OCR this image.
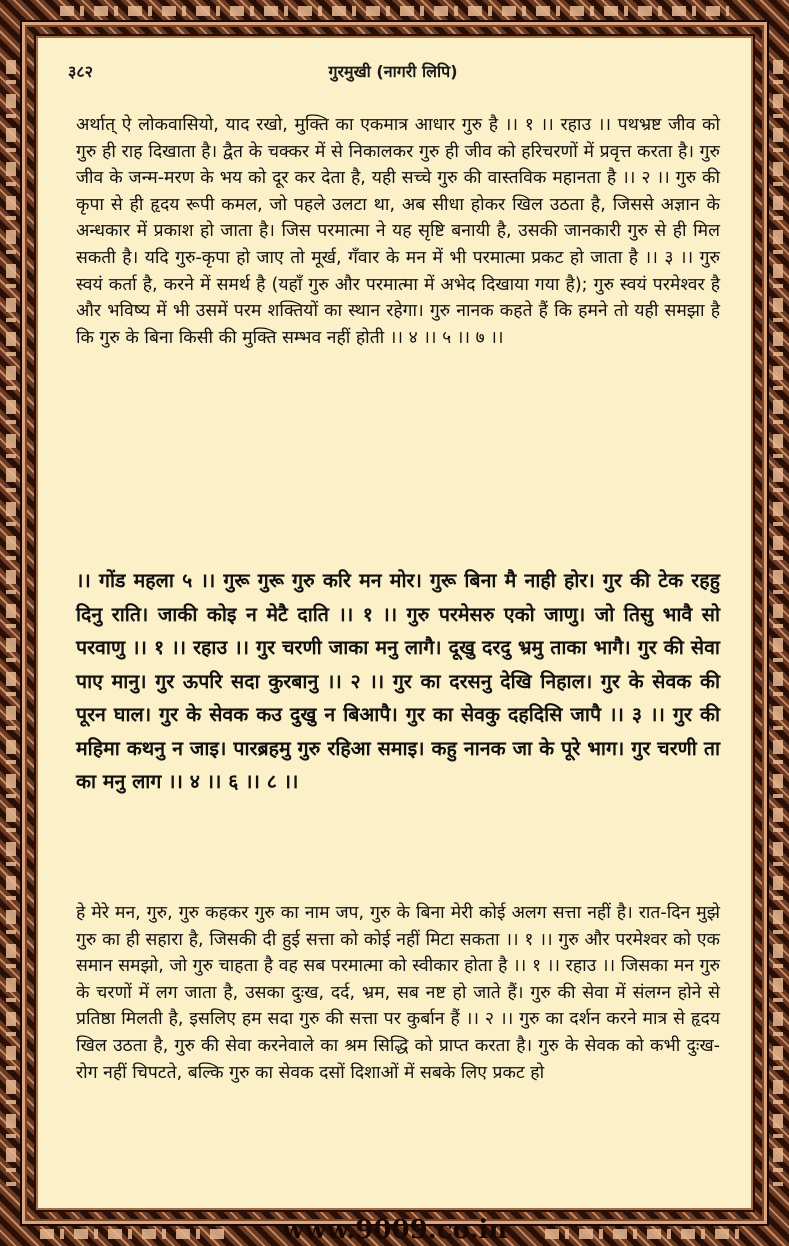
३८२	गुरमुखी (नागरी लिपि)

अर्थात् ऐ लोकवासियो, याद रखो, मुक्ति का एकमात्र आधार गुरु है ।। १ ।। रहाउ ।। पथभ्रष्ट जीव को गुरु ही राह दिखाता है। द्वैत के चक्कर में से निकालकर गुरु ही जीव को हरिचरणों में प्रवृत्त करता है। गुरु जीव के जन्म-मरण के भय को दूर कर देता है, यही सच्चे गुरु की वास्तविक महानता है ।। २ ।। गुरु की कृपा से ही हृदय रूपी कमल, जो पहले उलटा था, अब सीधा होकर खिल उठता है, जिससे अज्ञान के अन्धकार में प्रकाश हो जाता है। जिस परमात्मा ने यह सृष्टि बनायी है, उसकी जानकारी गुरु से ही मिल सकती है। यदि गुरु-कृपा हो जाए तो मूर्ख, गँवार के मन में भी परमात्मा प्रकट हो जाता है ।। ३ ।। गुरु स्वयं कर्ता है, करने में समर्थ है (यहाँ गुरु और परमात्मा में अभेद दिखाया गया है); गुरु स्वयं परमेश्वर है और भविष्य में भी उसमें परम शक्तियों का स्थान रहेगा। गुरु नानक कहते हैं कि हमने तो यही समझा है कि गुरु के बिना किसी की मुक्ति सम्भव नहीं होती ।। ४ ।। ५ ।। ७ ।।

।। गोंड महला ५ ।। गुरू गुरू गुरु करि मन मोर। गुरू बिना मै नाही होर। गुर की टेक रहहु दिनु राति। जाकी कोइ न मेटै दाति ।। १ ।। गुरु परमेसरु एको जाणु। जो तिसु भावै सो परवाणु ।। १ ।। रहाउ ।। गुर चरणी जाका मनु लागै। दूखु दरदु भ्रमु ताका भागै। गुर की सेवा पाए मानु। गुर ऊपरि सदा कुरबानु ।। २ ।। गुर का दरसनु देखि निहाल। गुर के सेवक की पूरन घाल। गुर के सेवक कउ दुखु न बिआपै। गुर का सेवकु दहदिसि जापै ।। ३ ।। गुर की महिमा कथनु न जाइ। पारब्रहमु गुरु रहिआ समाइ। कहु नानक जा के पूरे भाग। गुर चरणी ता का मनु लाग ।। ४ ।। ६ ।। ८ ।।

हे मेरे मन, गुरु, गुरु कहकर गुरु का नाम जप, गुरु के बिना मेरी कोई अलग सत्ता नहीं है। रात-दिन मुझे गुरु का ही सहारा है, जिसकी दी हुई सत्ता को कोई नहीं मिटा सकता ।। १ ।। गुरु और परमेश्वर को एक समान समझो, जो गुरु चाहता है वह सब परमात्मा को स्वीकार होता है ।। १ ।। रहाउ ।। जिसका मन गुरु के चरणों में लग जाता है, उसका दुःख, दर्द, भ्रम, सब नष्ट हो जाते हैं। गुरु की सेवा में संलग्न होने से प्रतिष्ठा मिलती है, इसलिए हम सदा गुरु की सत्ता पर कुर्बान हैं ।। २ ।। गुरु का दर्शन करने मात्र से हृदय खिल उठता है, गुरु की सेवा करनेवाले का श्रम सिद्धि को प्राप्त करता है। गुरु के सेवक को कभी दुःख-रोग नहीं चिपटते, बल्कि गुरु का सेवक दसों दिशाओं में सबके लिए प्रकट हो

www.9009.co.in
